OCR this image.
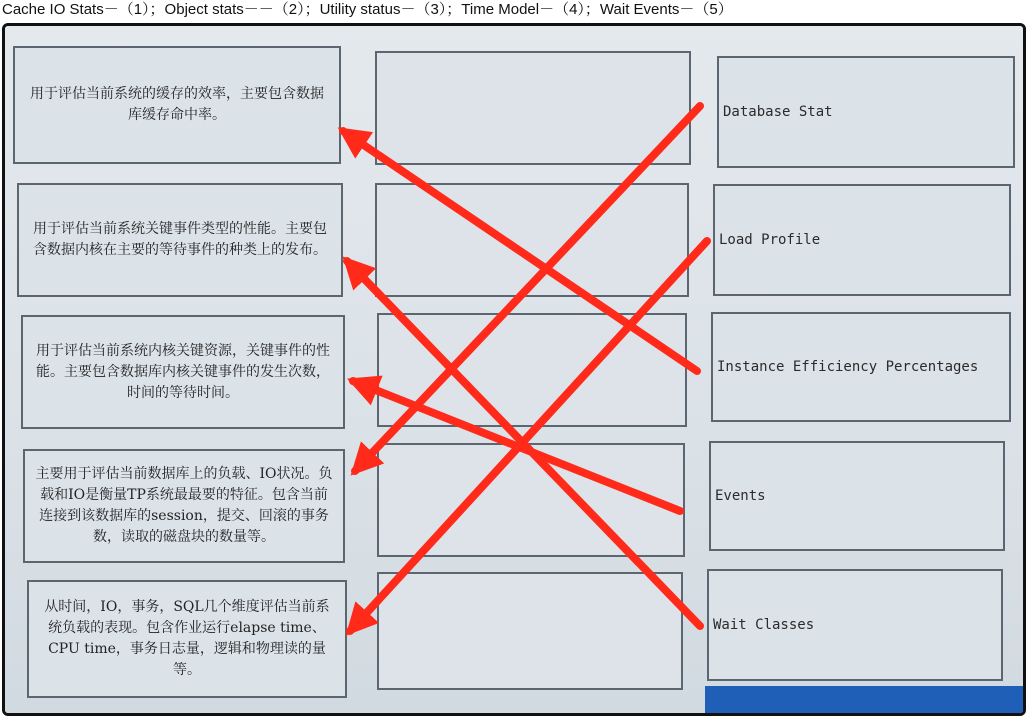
Cache IO Stats－（1）；Object stats－－（2）；Utility status－（3）；Time Model－（4）；Wait Events－（5）
用于评估当前系统的缓存的效率，主要包含数据库缓存命中率。
用于评估当前系统关键事件类型的性能。主要包含数据内核在主要的等待事件的种类上的发布。
用于评估当前系统内核关键资源，关键事件的性能。主要包含数据库内核关键事件的发生次数，时间的等待时间。
主要用于评估当前数据库上的负载、IO状况。负载和IO是衡量TP系统最最要的特征。包含当前连接到该数据库的session，提交、回滚的事务数，读取的磁盘块的数量等。
从时间，IO，事务，SQL几个维度评估当前系统负载的表现。包含作业运行elapse time、CPU time，事务日志量，逻辑和物理读的量等。
Database Stat
Load Profile
Instance Efficiency Percentages
Events
Wait Classes
